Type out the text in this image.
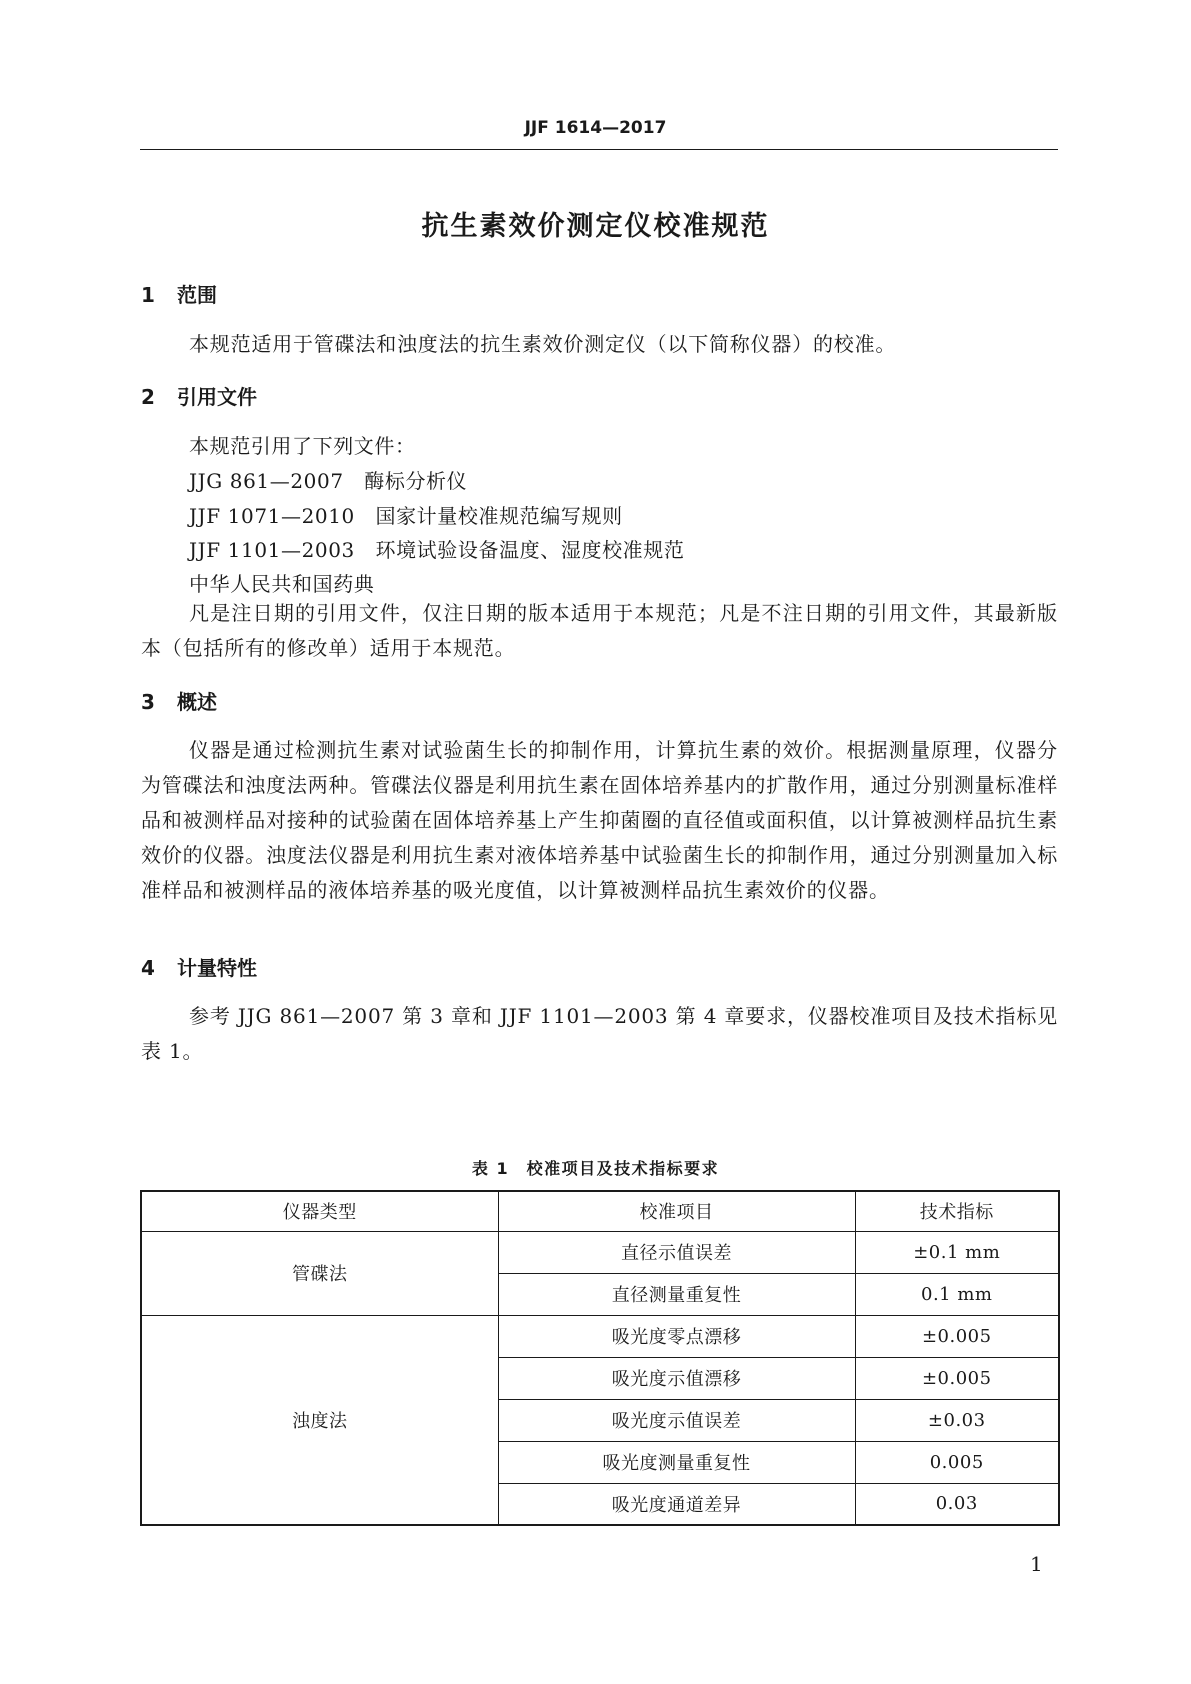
JJF 1614—2017
抗生素效价测定仪校准规范
1 范围

本规范适用于管碟法和浊度法的抗生素效价测定仪（以下简称仪器）的校准。

2 引用文件
本规范引用了下列文件：
JJG 861—2007　酶标分析仪
JJF 1071—2010　国家计量校准规范编写规则
JJF 1101—2003　环境试验设备温度、湿度校准规范
中华人民共和国药典

凡是注日期的引用文件，仅注日期的版本适用于本规范；凡是不注日期的引用文件，其最新版本（包括所有的修改单）适用于本规范。

3 概述

仪器是通过检测抗生素对试验菌生长的抑制作用，计算抗生素的效价。根据测量原理，仪器分为管碟法和浊度法两种。管碟法仪器是利用抗生素在固体培养基内的扩散作用，通过分别测量标准样品和被测样品对接种的试验菌在固体培养基上产生抑菌圈的直径值或面积值，以计算被测样品抗生素效价的仪器。浊度法仪器是利用抗生素对液体培养基中试验菌生长的抑制作用，通过分别测量加入标准样品和被测样品的液体培养基的吸光度值，以计算被测样品抗生素效价的仪器。

4 计量特性

参考 JJG 861—2007 第 3 章和 JJF 1101—2003 第 4 章要求，仪器校准项目及技术指标见表 1。

表 1　校准项目及技术指标要求
仪器类型	校准项目	技术指标
管碟法	直径示值误差	±0.1 mm
	直径测量重复性	0.1 mm
浊度法	吸光度零点漂移	±0.005
	吸光度示值漂移	±0.005
	吸光度示值误差	±0.03
	吸光度测量重复性	0.005
	吸光度通道差异	0.03
1
